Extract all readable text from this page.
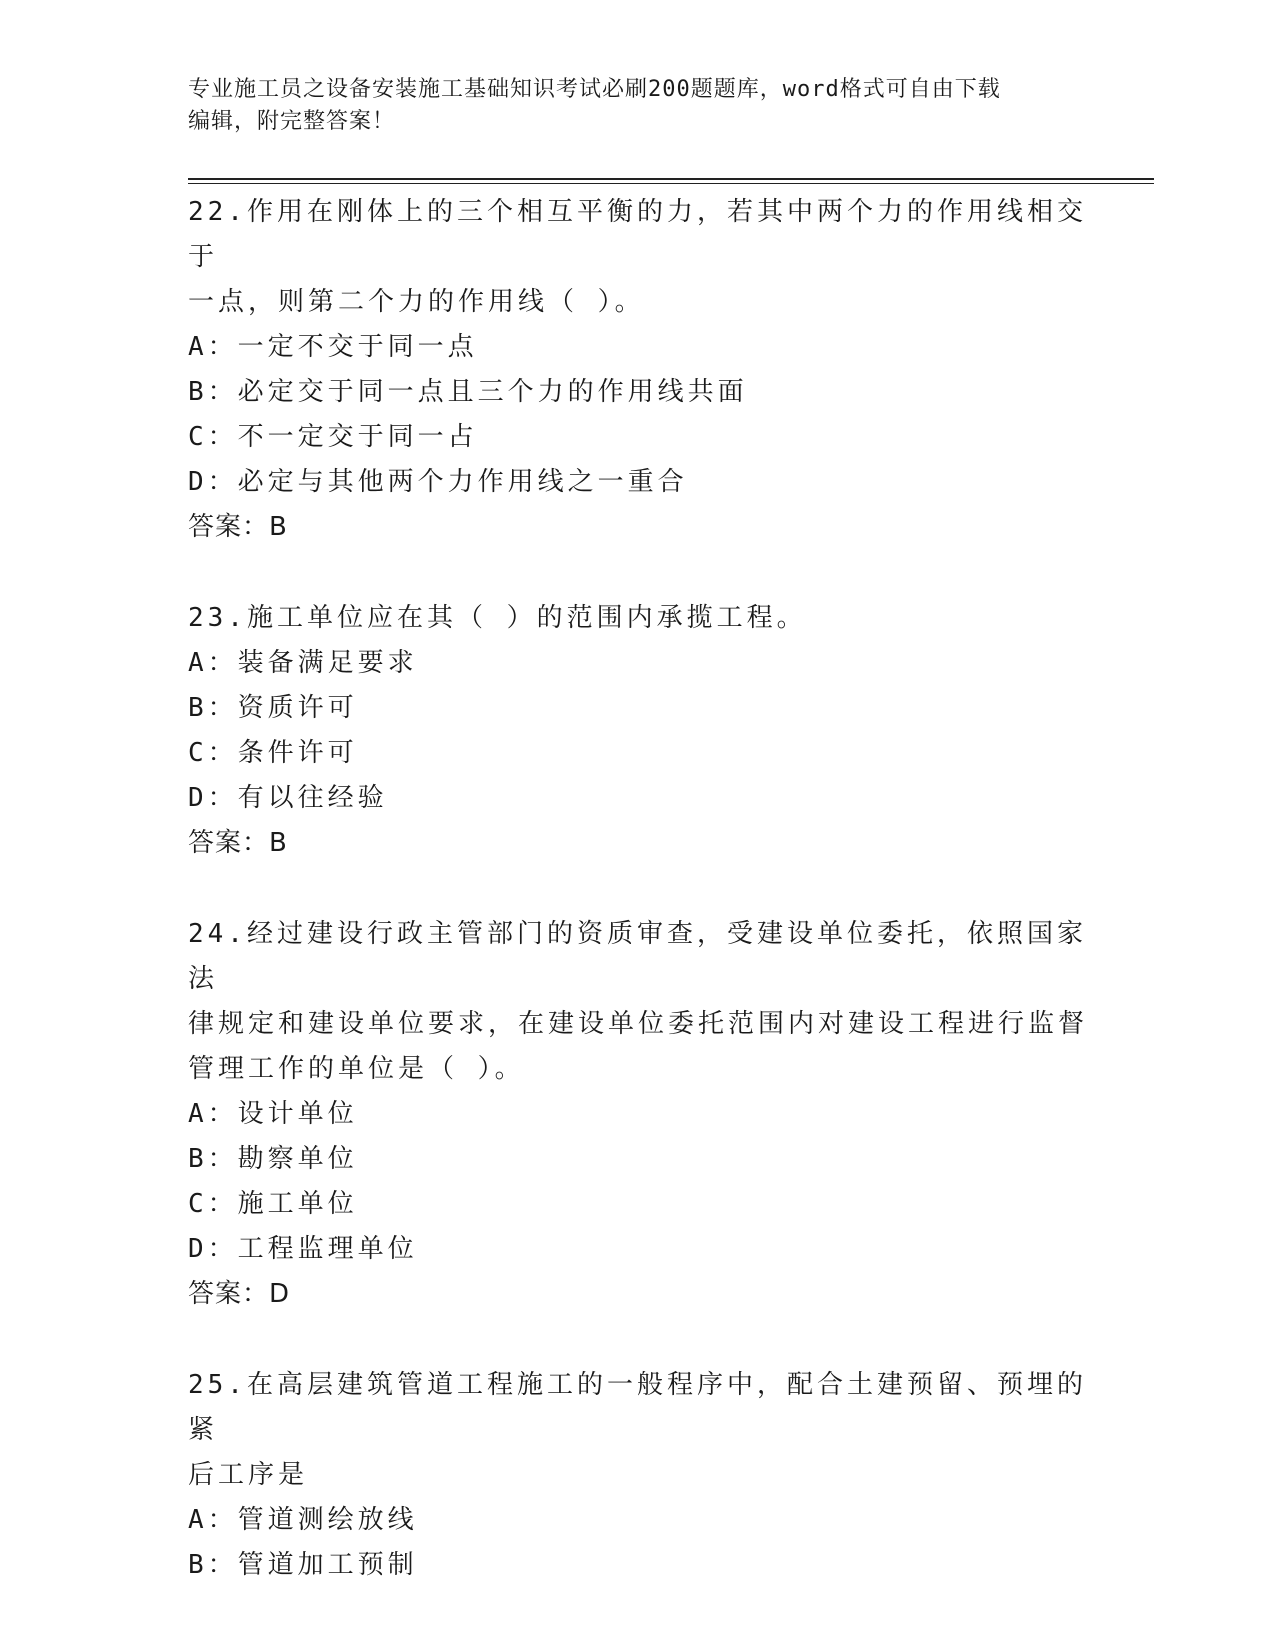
专业施工员之设备安装施工基础知识考试必刷200题题库，word格式可自由下载
编辑，附完整答案！

22.作用在刚体上的三个相互平衡的力，若其中两个力的作用线相交于

一点，则第二个力的作用线（ ）。

A：一定不交于同一点

B：必定交于同一点且三个力的作用线共面

C：不一定交于同一占

D：必定与其他两个力作用线之一重合

答案：B

23.施工单位应在其（ ）的范围内承揽工程。

A：装备满足要求

B：资质许可

C：条件许可

D：有以往经验

答案：B

24.经过建设行政主管部门的资质审查，受建设单位委托，依照国家法

律规定和建设单位要求，在建设单位委托范围内对建设工程进行监督

管理工作的单位是（ ）。

A：设计单位

B：勘察单位

C：施工单位

D：工程监理单位

答案：D

25.在高层建筑管道工程施工的一般程序中，配合土建预留、预埋的紧

后工序是

A：管道测绘放线

B：管道加工预制
